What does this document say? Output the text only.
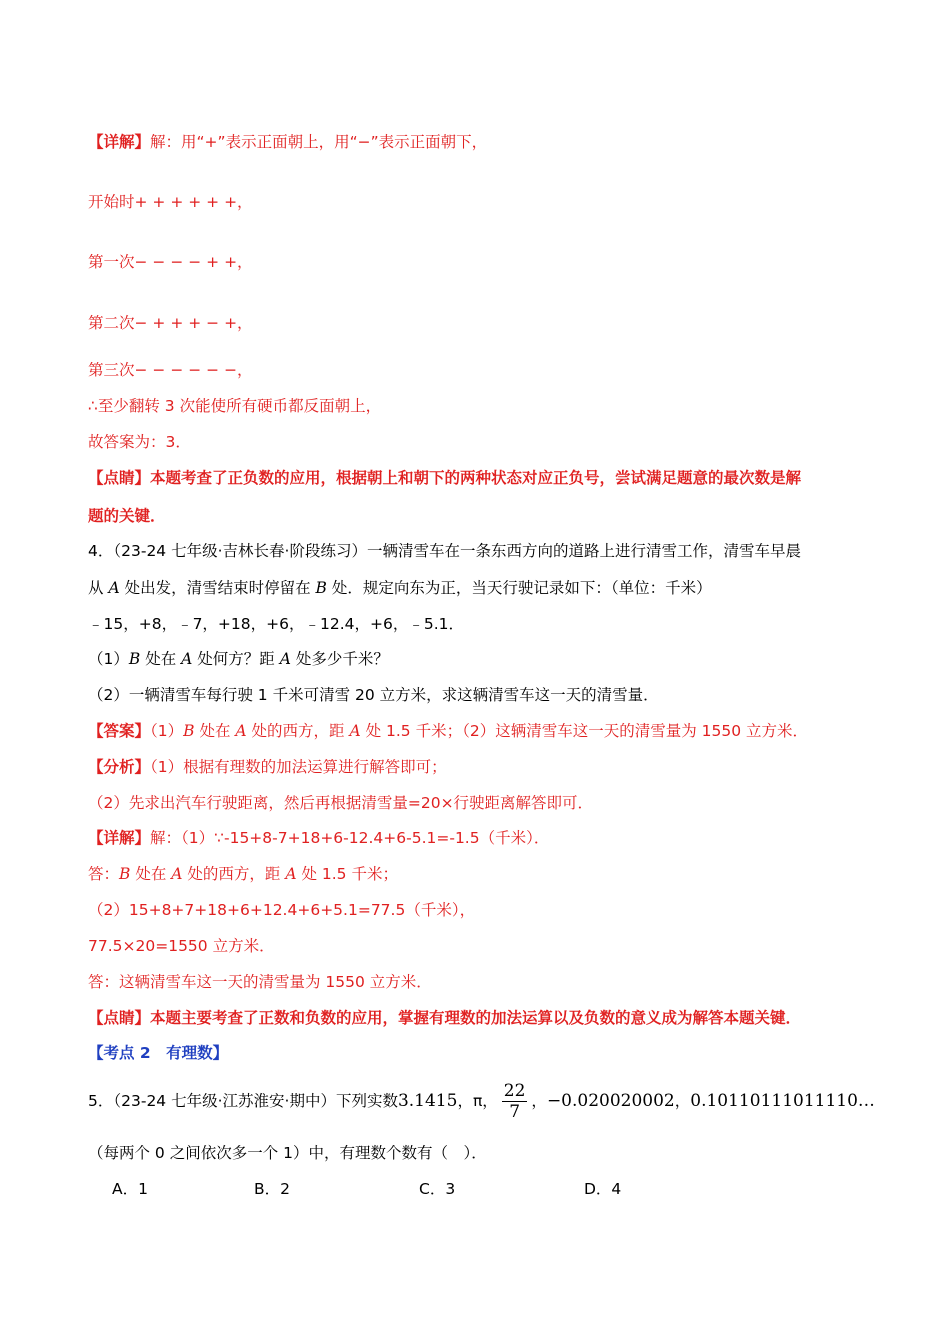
【详解】解：用“+”表示正面朝上，用“−”表示正面朝下，
开始时+ + + + + +，
第一次− − − − + +，
第二次− + + + − +，
第三次− − − − − −，
∴至少翻转 3 次能使所有硬币都反面朝上，
故答案为：3．
【点睛】本题考查了正负数的应用，根据朝上和朝下的两种状态对应正负号，尝试满足题意的最次数是解
题的关键．
4．（23-24 七年级·吉林长春·阶段练习）一辆清雪车在一条东西方向的道路上进行清雪工作，清雪车早晨
从 A 处出发，清雪结束时停留在 B 处．规定向东为正，当天行驶记录如下：（单位：千米）
﹣15，+8，﹣7，+18，+6，﹣12.4，+6，﹣5.1．
（1）B 处在 A 处何方？距 A 处多少千米？
（2）一辆清雪车每行驶 1 千米可清雪 20 立方米，求这辆清雪车这一天的清雪量．
【答案】（1）B 处在 A 处的西方，距 A 处 1.5 千米；（2）这辆清雪车这一天的清雪量为 1550 立方米．
【分析】（1）根据有理数的加法运算进行解答即可；
（2）先求出汽车行驶距离，然后再根据清雪量=20×行驶距离解答即可．
【详解】解：（1）∵-15+8-7+18+6-12.4+6-5.1=-1.5（千米）．
答：B 处在 A 处的西方，距 A 处 1.5 千米；
（2）15+8+7+18+6+12.4+6+5.1=77.5（千米），
77.5×20=1550 立方米．
答：这辆清雪车这一天的清雪量为 1550 立方米．
【点睛】本题主要考查了正数和负数的应用，掌握有理数的加法运算以及负数的意义成为解答本题关键．
【考点 2　有理数】
5．（23-24 七年级·江苏淮安·期中）下列实数3.1415，π， $\frac{22}{7}$ ，−0.020020002，0.10110111011110…
（每两个 0 之间依次多一个 1）中，有理数个数有（　）．
A．1	B．2	C．3	D．4
